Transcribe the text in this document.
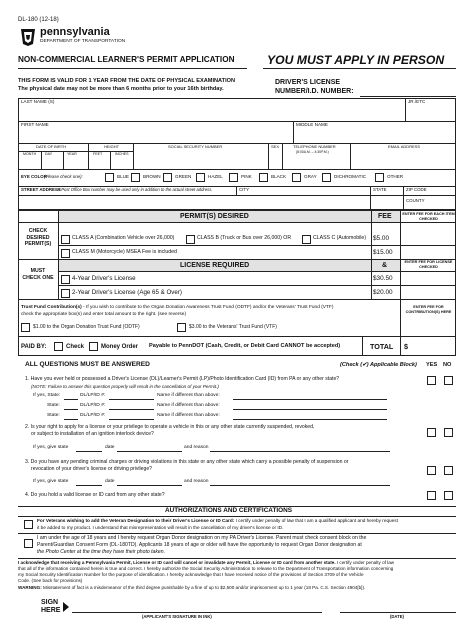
DL-180 (12-18)
pennsylvania
DEPARTMENT OF TRANSPORTATION
NON-COMMERCIAL LEARNER'S PERMIT APPLICATION	YOU MUST APPLY IN PERSON
THIS FORM IS VALID FOR 1 YEAR FROM THE DATE OF PHYSICAL EXAMINATION
The physical date may not be more than 6 months prior to your 16th birthday.
DRIVER'S LICENSE
NUMBER/I.D. NUMBER:
LAST NAME (S)	JR./ETC
FIRST NAME	MIDDLE NAME
DATE OF BIRTH
MONTH DAY	YEAR
HEIGHT
FEET	INCHES
SOCIAL SECURITY NUMBER	SEX	TELEPHONE NUMBER
(8:00A.M. – 4:30P.M.)
EMAIL ADDRESS
EYE COLOR
(Please check one):	BLUE	BROWN	GREEN	HAZEL	PINK	BLACK	GRAY	DICHROMATIC	OTHER
STREET ADDRESS
- A Post Office Box number may be used only in addition to the actual street address.	CITY	STATE	ZIP CODE
COUNTY
PERMIT(S) DESIRED	FEE	ENTER FEE FOR EACH ITEM CHECKED
CHECK DESIRED PERMIT(S)
CLASS A (Combination Vehicle over 26,000)	CLASS B (Truck or Bus over 26,000) OR	CLASS C (Automobile) $5.00
CLASS M (Motorcycle) MSEA Fee is included	$15.00
LICENSE REQUIRED	&	ENTER FEE FOR LICENSE CHECKED
MUST CHECK ONE	4-Year Driver's License	$30.50
2-Year Driver's License (Age 65 & Over)	$20.00
Trust Fund Contribution(s) - If you wish to contribute to the Organ Donation Awareness Trust Fund (ODTF) and/or the Veterans' Trust Fund (VTF)
check the appropriate box(s) and enter total amount to the right. (see reverse)
$1.00 to the Organ Donation Trust Fund (ODTF)	$3.00 to the Veterans' Trust Fund (VTF)
ENTER FEE FOR CONTRIBUTION(S) HERE
PAID BY:	Check	Money Order Payable to PennDOT (Cash, Credit, or Debit Card CANNOT be accepted)	TOTAL $
ALL QUESTIONS MUST BE ANSWERED	(Check (✔) Applicable Block) YES NO
1. Have you ever held or possessed a Driver's License (DL)/Learner's Permit (LP)/Photo Identification Card (ID) from PA or any other state?
(NOTE: Failure to answer this question properly will result in the cancellation of your Permit.)
If yes, State:	DL/LP/ID #:	Name if different than above:
State:	DL/LP/ID #:	Name if different than above:
State:	DL/LP/ID #:	Name if different than above:
2. Is your right to apply for a license or your privilege to operate a vehicle in this or any other state currently suspended, revoked,
or subject to installation of an ignition interlock device?
If yes, give state	date	and reason
3. Do you have any pending criminal charges or driving violations in this state or any other state which carry a possible penalty of suspension or
revocation of your driver's license or driving privilege?
If yes, give state	date	and reason
4. Do you hold a valid license or ID card from any other state?
AUTHORIZATIONS AND CERTIFICATIONS
For Veterans wishing to add the Veteran Designation to their Driver's License or ID Card: I certify under penalty of law that I am a qualified applicant and hereby request
it be added to my product. I understand that misrepresentation will result in the cancellation of my driver's license or ID.
I am under the age of 18 years and I hereby request Organ Donor designation on my PA Driver's License. Parent must check consent block on the
Parent/Guardian Consent Form (DL-180TD). Applicants 18 years of age or older will have the opportunity to request Organ Donor designation at
the Photo Center at the time they have their photo taken.
I acknowledge that receiving a Pennsylvania Permit, License or ID card will cancel or invalidate any Permit, License or ID card from another state. I certify under penalty of law
that all of the information contained herein is true and correct. I hereby authorize the Social Security Administration to release to the Department of Transportation information concerning
my Social Security Identification Number for the purpose of identification. I hereby acknowledge that I have received notice of the provisions of Section 3709 of the Vehicle
Code. (See back for provisions)
WARNING: Misstatement of fact is a misdemeanor of the third degree punishable by a fine of up to $2,500 and/or imprisonment up to 1 year (18 Pa. C.S. Section 4904[b]).
SIGN
HERE
(APPLICANT'S SIGNATURE IN INK)	(DATE)
